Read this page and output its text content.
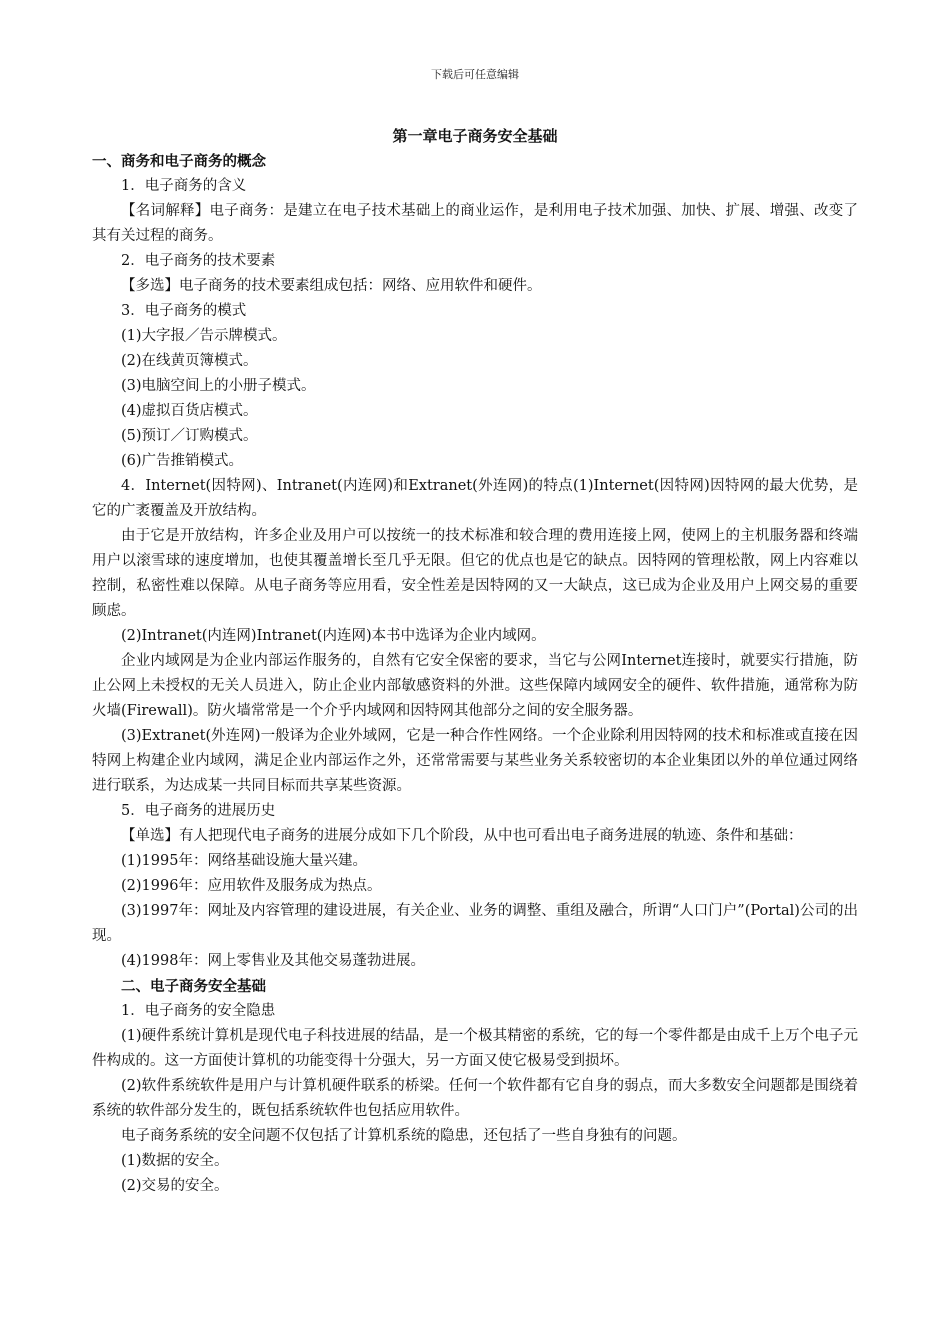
下载后可任意编辑
第一章电子商务安全基础
一、商务和电子商务的概念
1．电子商务的含义
【名词解释】电子商务：是建立在电子技术基础上的商业运作，是利用电子技术加强、加快、扩展、增强、改变了其有关过程的商务。
2．电子商务的技术要素
【多选】电子商务的技术要素组成包括：网络、应用软件和硬件。
3．电子商务的模式
(1)大字报／告示牌模式。
(2)在线黄页簿模式。
(3)电脑空间上的小册子模式。
(4)虚拟百货店模式。
(5)预订／订购模式。
(6)广告推销模式。
4．Internet(因特网)、Intranet(内连网)和Extranet(外连网)的特点(1)Internet(因特网)因特网的最大优势，是它的广袤覆盖及开放结构。
由于它是开放结构，许多企业及用户可以按统一的技术标准和较合理的费用连接上网，使网上的主机服务器和终端用户以滚雪球的速度增加，也使其覆盖增长至几乎无限。但它的优点也是它的缺点。因特网的管理松散，网上内容难以控制，私密性难以保障。从电子商务等应用看，安全性差是因特网的又一大缺点，这已成为企业及用户上网交易的重要顾虑。
(2)Intranet(内连网)Intranet(内连网)本书中选译为企业内域网。
企业内域网是为企业内部运作服务的，自然有它安全保密的要求，当它与公网Internet连接时，就要实行措施，防止公网上未授权的无关人员进入，防止企业内部敏感资料的外泄。这些保障内域网安全的硬件、软件措施，通常称为防火墙(Firewall)。防火墙常常是一个介乎内域网和因特网其他部分之间的安全服务器。
(3)Extranet(外连网)一般译为企业外域网，它是一种合作性网络。一个企业除利用因特网的技术和标准或直接在因特网上构建企业内域网，满足企业内部运作之外，还常常需要与某些业务关系较密切的本企业集团以外的单位通过网络进行联系，为达成某一共同目标而共享某些资源。
5．电子商务的进展历史
【单选】有人把现代电子商务的进展分成如下几个阶段，从中也可看出电子商务进展的轨迹、条件和基础：
(1)1995年：网络基础设施大量兴建。
(2)1996年：应用软件及服务成为热点。
(3)1997年：网址及内容管理的建设进展，有关企业、业务的调整、重组及融合，所谓“人口门户”(Portal)公司的出现。
(4)1998年：网上零售业及其他交易蓬勃进展。
二、电子商务安全基础
1．电子商务的安全隐患
(1)硬件系统计算机是现代电子科技进展的结晶，是一个极其精密的系统，它的每一个零件都是由成千上万个电子元件构成的。这一方面使计算机的功能变得十分强大，另一方面又使它极易受到损坏。
(2)软件系统软件是用户与计算机硬件联系的桥梁。任何一个软件都有它自身的弱点，而大多数安全问题都是围绕着系统的软件部分发生的，既包括系统软件也包括应用软件。
电子商务系统的安全问题不仅包括了计算机系统的隐患，还包括了一些自身独有的问题。
(1)数据的安全。
(2)交易的安全。
